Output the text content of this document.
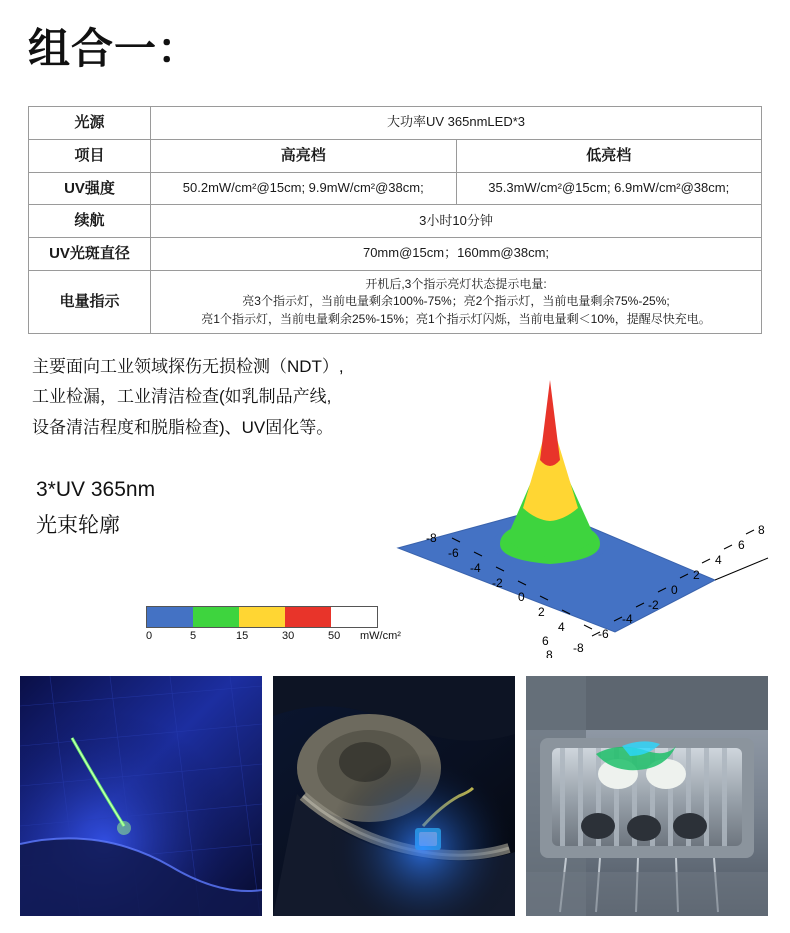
组合一：
光源	大功率UV 365nmLED*3	
项目	高亮档	低亮档
UV强度	50.2mW/cm²@15cm; 9.9mW/cm²@38cm;	35.3mW/cm²@15cm; 6.9mW/cm²@38cm;
续航	3小时10分钟	
UV光斑直径	70mm@15cm；160mm@38cm;	
电量指示	开机后,3个指示亮灯状态提示电量:
亮3个指示灯，当前电量剩余100%-75%；亮2个指示灯，当前电量剩余75%-25%;
亮1个指示灯，当前电量剩余25%-15%；亮1个指示灯闪烁，当前电量剩＜10%，提醒尽快充电。	
主要面向工业领域探伤无损检测（NDT）,
工业检漏，工业清洁检查(如乳制品产线,
设备清洁程度和脱脂检查)、UV固化等。
3*UV 365nm
光束轮廓	8
6
4
2
0
-2
-4
-6
-8
-8
-6
-4
-2
0
2
4
6
8
0	5	15	30	50 mW/cm²
